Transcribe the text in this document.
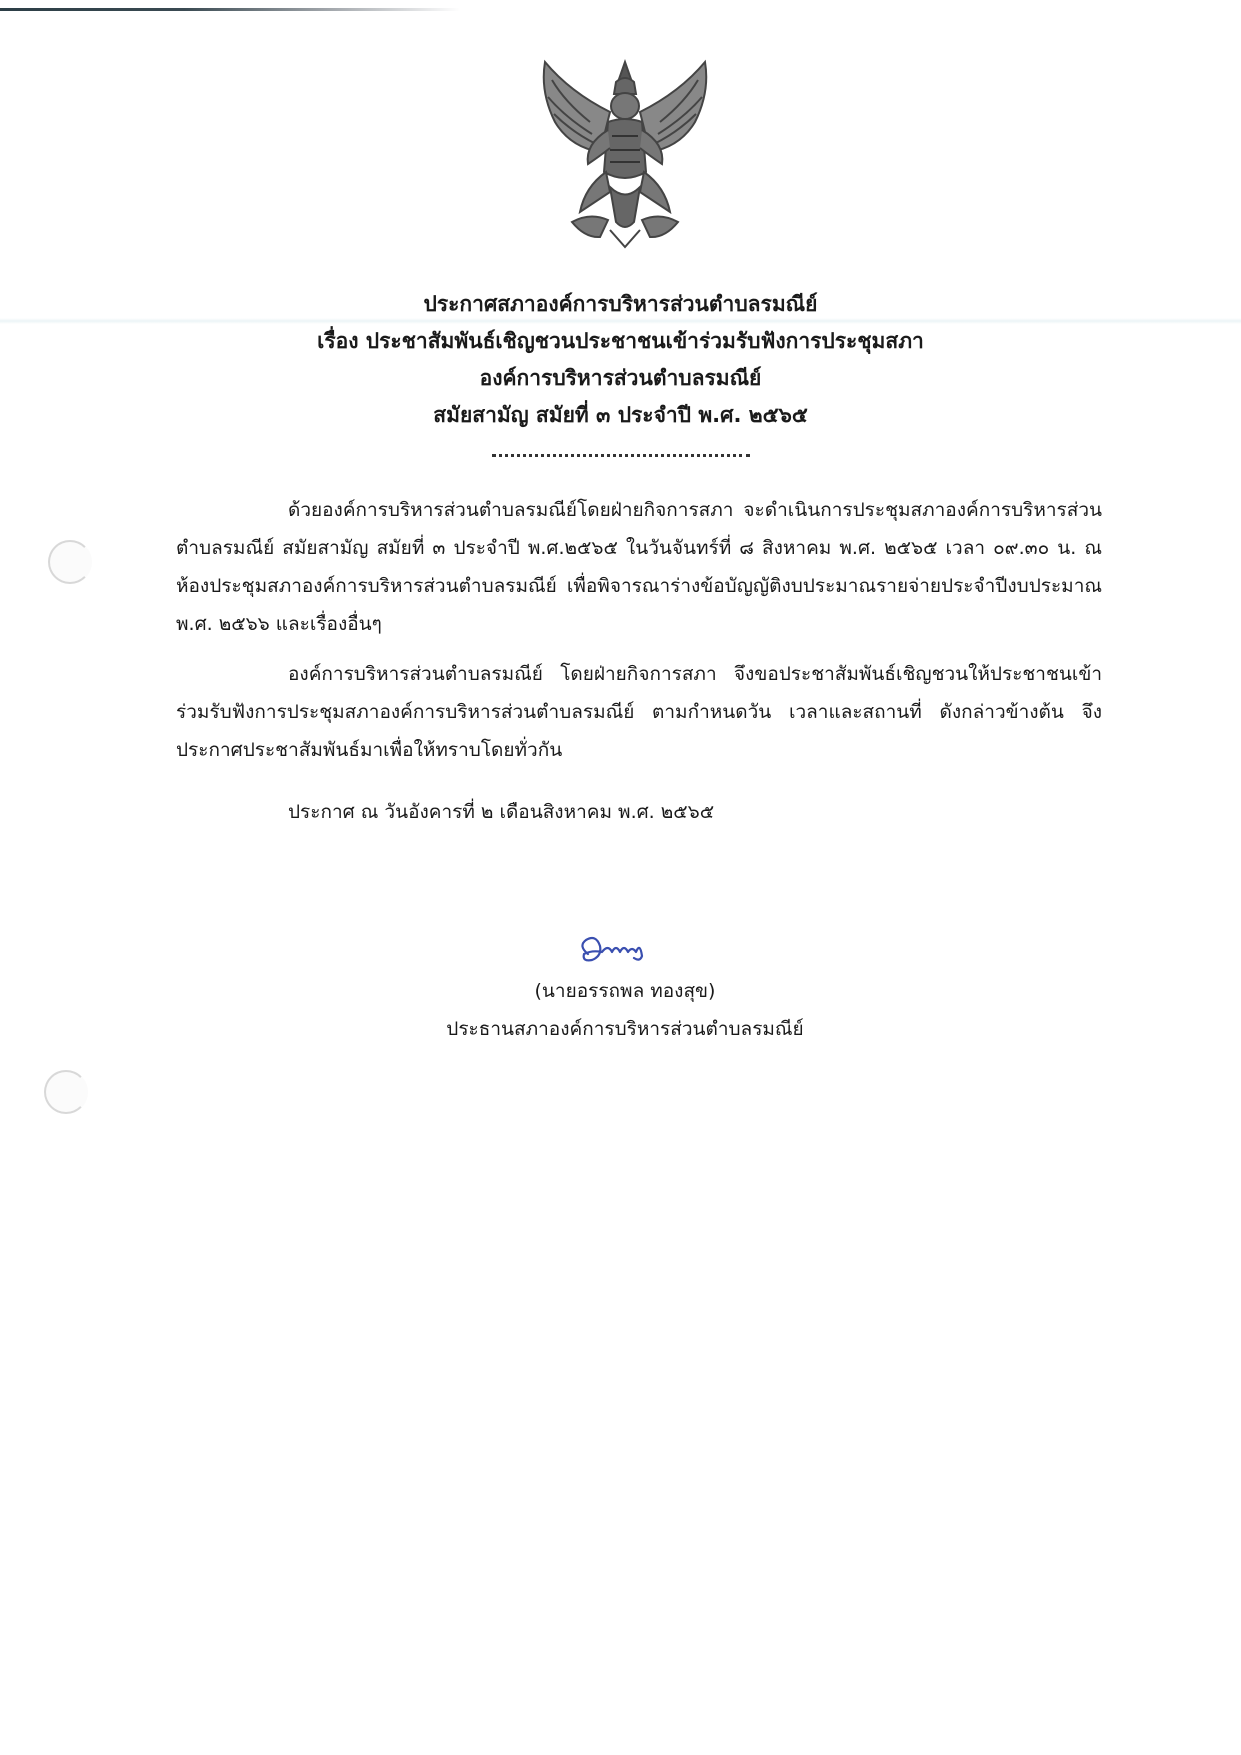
ประกาศสภาองค์การบริหารส่วนตำบลรมณีย์
เรื่อง ประชาสัมพันธ์เชิญชวนประชาชนเข้าร่วมรับฟังการประชุมสภา
องค์การบริหารส่วนตำบลรมณีย์
สมัยสามัญ สมัยที่ ๓ ประจำปี พ.ศ. ๒๕๖๕
ด้วยองค์การบริหารส่วนตำบลรมณีย์โดยฝ่ายกิจการสภา จะดำเนินการประชุมสภาองค์การบริหารส่วนตำบลรมณีย์ สมัยสามัญ สมัยที่ ๓ ประจำปี พ.ศ.๒๕๖๕ ในวันจันทร์ที่ ๘ สิงหาคม พ.ศ. ๒๕๖๕ เวลา ๐๙.๓๐ น. ณ ห้องประชุมสภาองค์การบริหารส่วนตำบลรมณีย์ เพื่อพิจารณาร่างข้อบัญญัติงบประมาณรายจ่ายประจำปีงบประมาณ พ.ศ. ๒๕๖๖ และเรื่องอื่นๆ
องค์การบริหารส่วนตำบลรมณีย์ โดยฝ่ายกิจการสภา จึงขอประชาสัมพันธ์เชิญชวนให้ประชาชนเข้าร่วมรับฟังการประชุมสภาองค์การบริหารส่วนตำบลรมณีย์ ตามกำหนดวัน เวลาและสถานที่ ดังกล่าวข้างต้น จึงประกาศประชาสัมพันธ์มาเพื่อให้ทราบโดยทั่วกัน
ประกาศ ณ วันอังคารที่ ๒ เดือนสิงหาคม พ.ศ. ๒๕๖๕
(นายอรรถพล ทองสุข)
ประธานสภาองค์การบริหารส่วนตำบลรมณีย์
